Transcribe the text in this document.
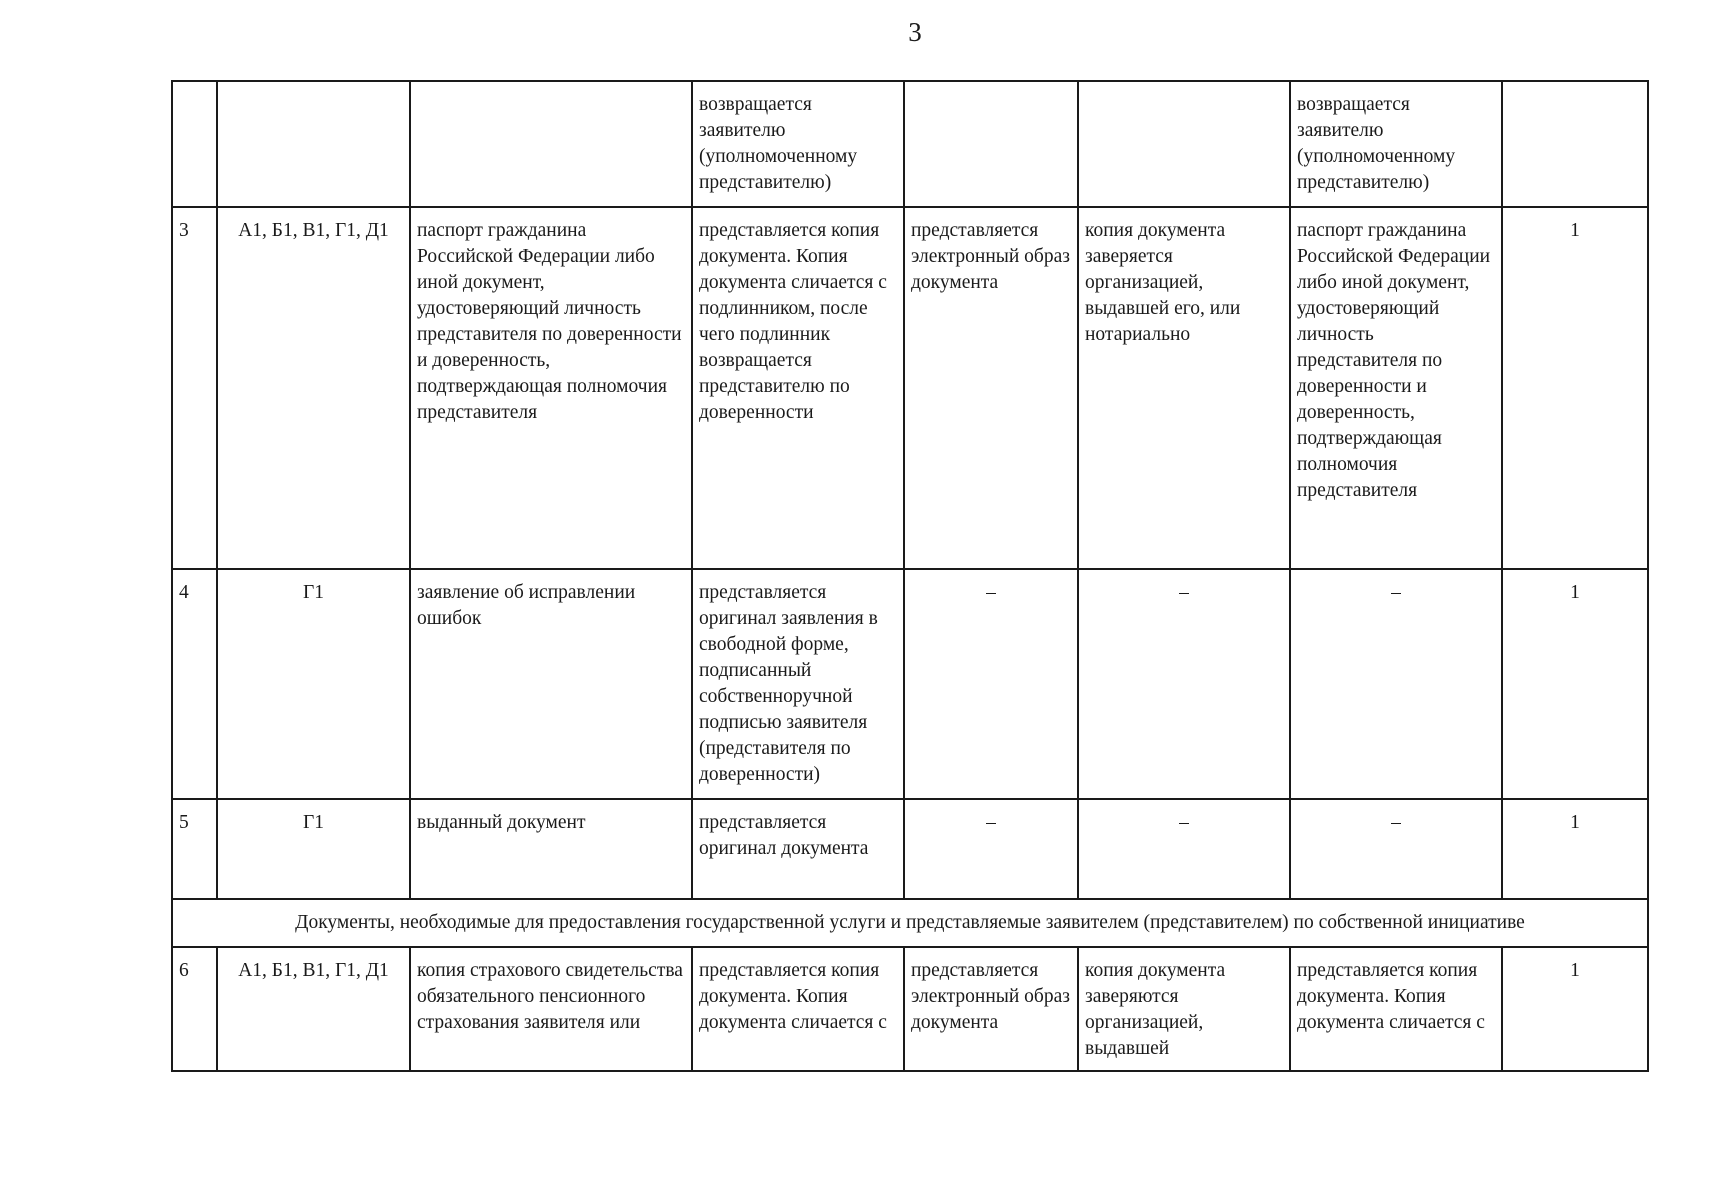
3
			возвращается заявителю (уполномоченному представителю)			возвращается заявителю (уполномоченному представителю)	
3	А1, Б1, В1, Г1, Д1	паспорт гражданина Российской Федерации либо иной документ, удостоверяющий личность представителя по доверенности и доверенность, подтверждающая полномочия представителя	представляется копия документа. Копия документа сличается с подлинником, после чего подлинник возвращается представителю по доверенности	представляется электронный образ документа	копия документа заверяется организацией, выдавшей его, или нотариально	паспорт гражданина Российской Федерации либо иной документ, удостоверяющий личность представителя по доверенности и доверенность, подтверждающая полномочия представителя	1
4	Г1	заявление об исправлении ошибок	представляется оригинал заявления в свободной форме, подписанный собственноручной подписью заявителя (представителя по доверенности)	–	–	–	1
5	Г1	выданный документ	представляется оригинал документа	–	–	–	1
Документы, необходимые для предоставления государственной услуги и представляемые заявителем (представителем) по собственной инициативе							
6	А1, Б1, В1, Г1, Д1	копия страхового свидетельства обязательного пенсионного страхования заявителя или	представляется копия документа. Копия документа сличается с	представляется электронный образ документа	копия документа заверяются организацией, выдавшей	представляется копия документа. Копия документа сличается с	1
